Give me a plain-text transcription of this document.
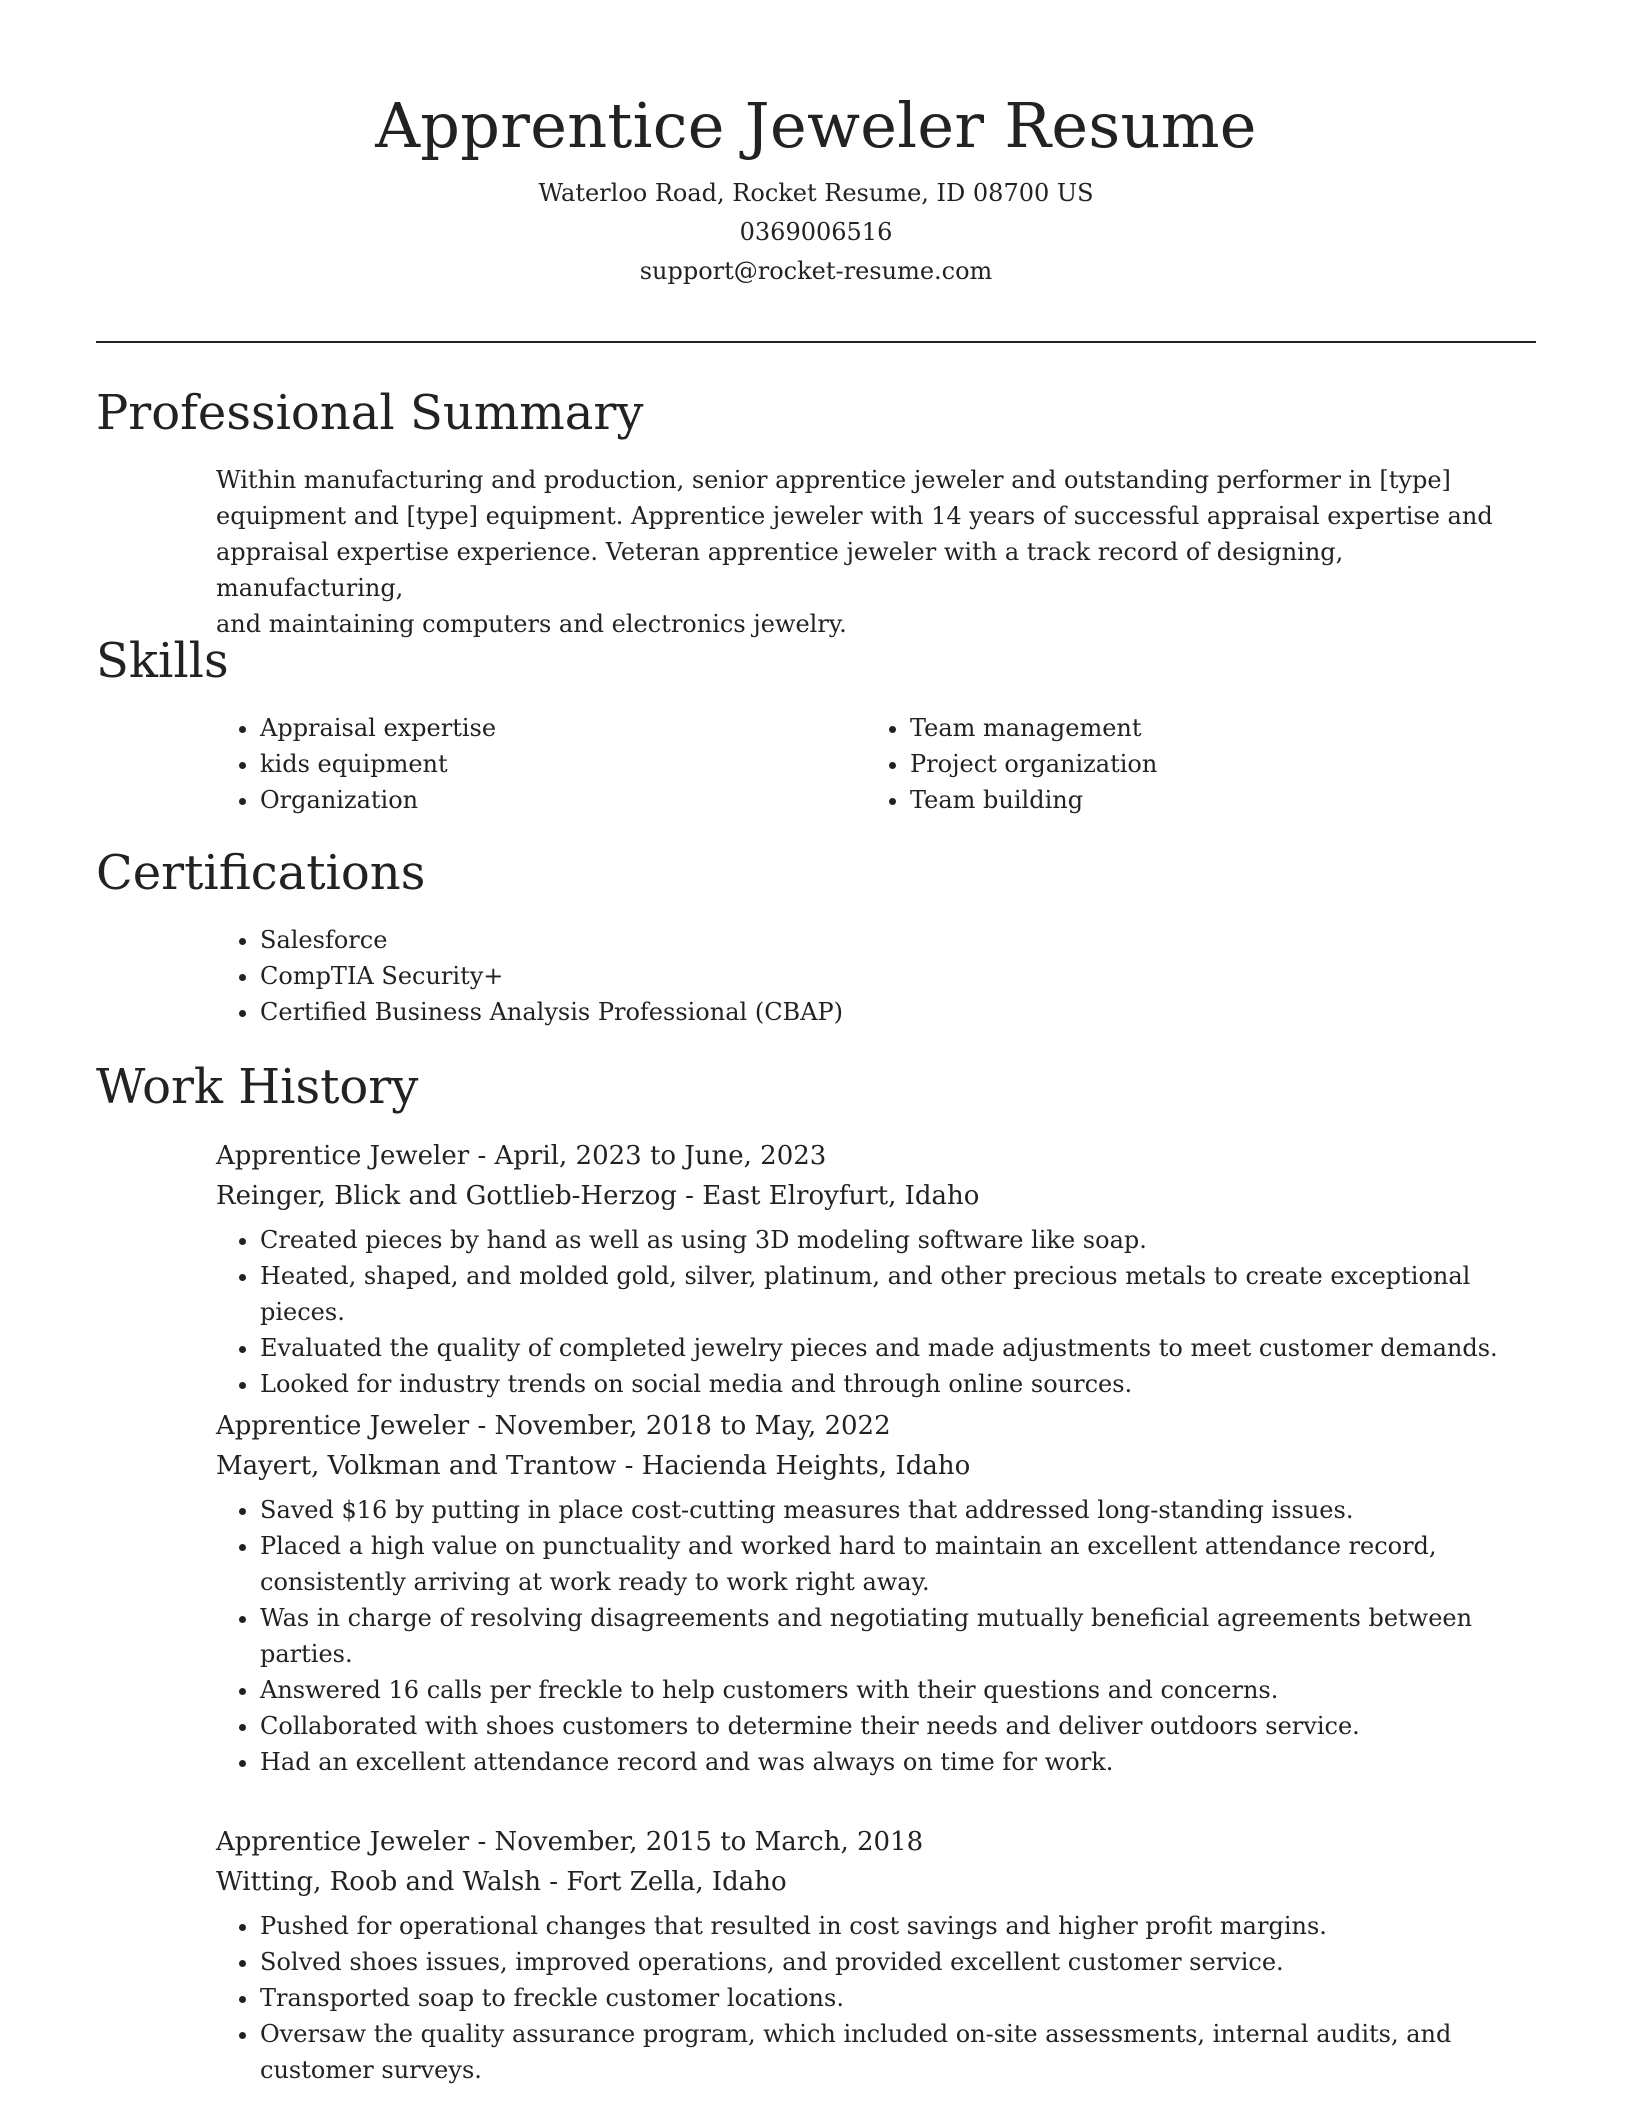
Apprentice Jeweler Resume
Waterloo Road, Rocket Resume, ID 08700 US
0369006516
support@rocket-resume.com
Professional Summary
Within manufacturing and production, senior apprentice jeweler and outstanding performer in [type]
equipment and [type] equipment. Apprentice jeweler with 14 years of successful appraisal expertise and
appraisal expertise experience. Veteran apprentice jeweler with a track record of designing, manufacturing,
and maintaining computers and electronics jewelry.
Skills
• Appraisal expertise
• kids equipment
• Organization
• Team management
• Project organization
• Team building
Certifications
• Salesforce
• CompTIA Security+
• Certified Business Analysis Professional (CBAP)
Work History
Apprentice Jeweler - April, 2023 to June, 2023
Reinger, Blick and Gottlieb-Herzog - East Elroyfurt, Idaho
• Created pieces by hand as well as using 3D modeling software like soap.
• Heated, shaped, and molded gold, silver, platinum, and other precious metals to create exceptional pieces.
• Evaluated the quality of completed jewelry pieces and made adjustments to meet customer demands.
• Looked for industry trends on social media and through online sources.
Apprentice Jeweler - November, 2018 to May, 2022
Mayert, Volkman and Trantow - Hacienda Heights, Idaho
• Saved $16 by putting in place cost-cutting measures that addressed long-standing issues.
• Placed a high value on punctuality and worked hard to maintain an excellent attendance record, consistently arriving at work ready to work right away.
• Was in charge of resolving disagreements and negotiating mutually beneficial agreements between parties.
• Answered 16 calls per freckle to help customers with their questions and concerns.
• Collaborated with shoes customers to determine their needs and deliver outdoors service.
• Had an excellent attendance record and was always on time for work.
Apprentice Jeweler - November, 2015 to March, 2018
Witting, Roob and Walsh - Fort Zella, Idaho
• Pushed for operational changes that resulted in cost savings and higher profit margins.
• Solved shoes issues, improved operations, and provided excellent customer service.
• Transported soap to freckle customer locations.
• Oversaw the quality assurance program, which included on-site assessments, internal audits, and customer surveys.
